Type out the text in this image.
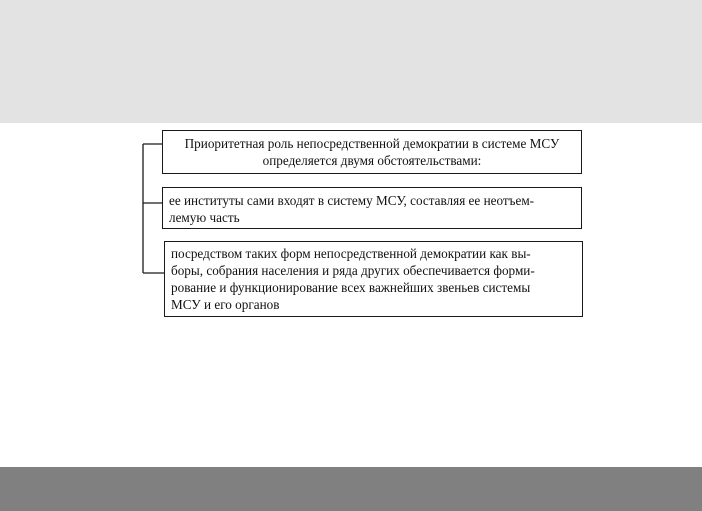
Приоритетная роль непосредственной демократии в системе МСУ

определяется двумя обстоятельствами:

ее институты сами входят в систему МСУ, составляя ее неотъем-

лемую часть

посредством таких форм непосредственной демократии как вы-

боры, собрания населения и ряда других обеспечивается форми-

рование и функционирование всех важнейших звеньев системы

МСУ и его органов
